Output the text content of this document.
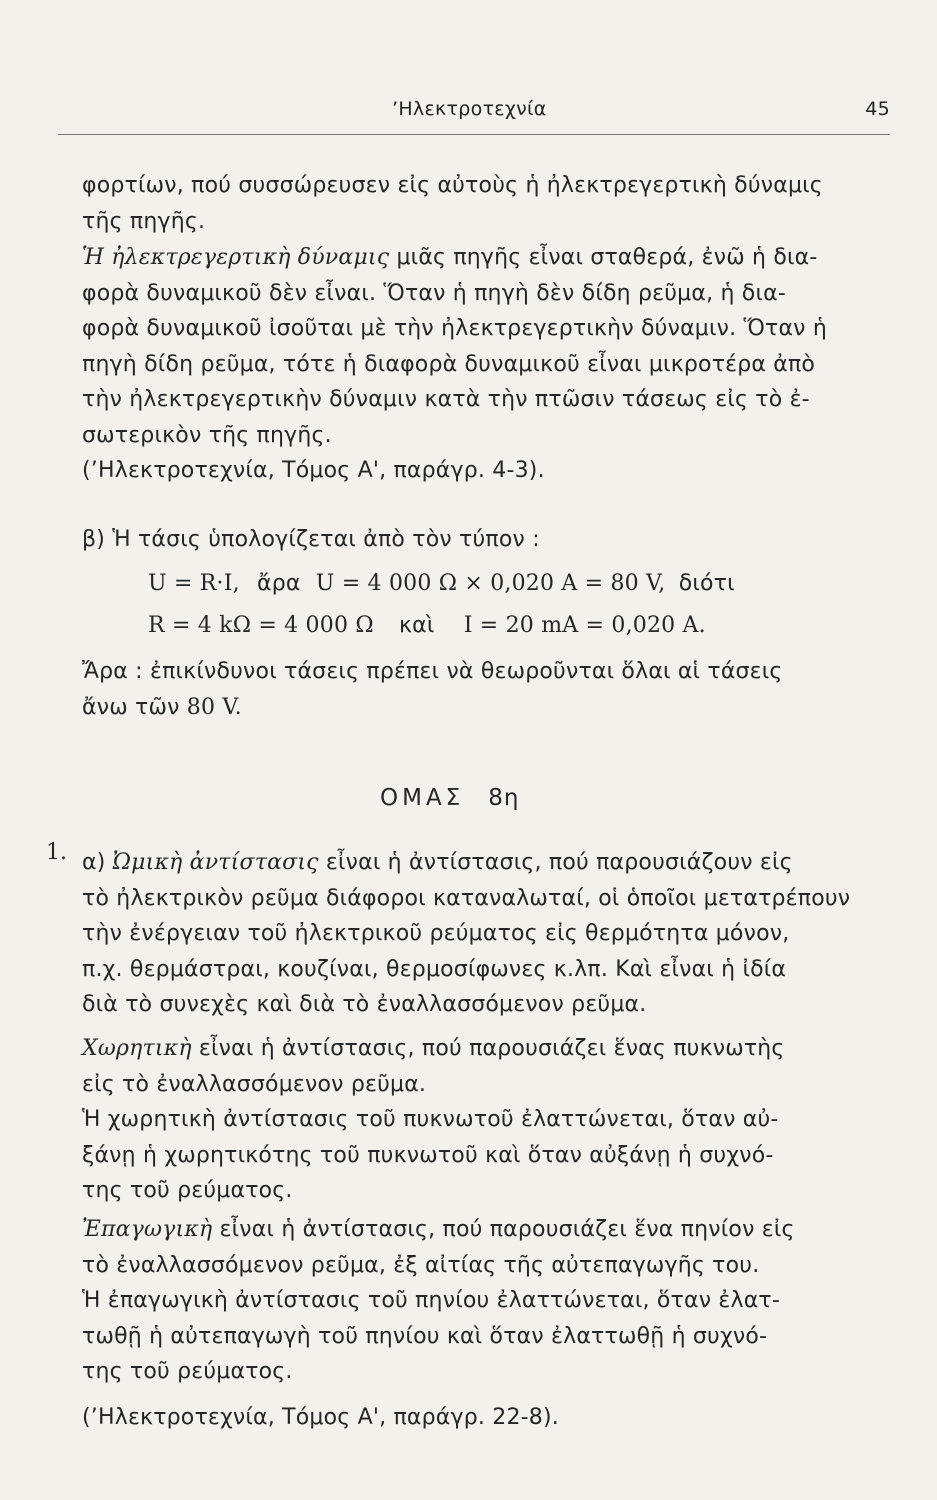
’Ηλεκτροτεχνία	45
φορτίων, πού συσσώρευσεν εἰς αὐτοὺς ἡ ἠλεκτρεγερτικὴ δύναμις
τῆς πηγῆς.
Ἡ ἠλεκτρεγερτικὴ δύναμις μιᾶς πηγῆς εἶναι σταθερά, ἐνῶ ἡ δια-
φορὰ δυναμικοῦ δὲν εἶναι. Ὅταν ἡ πηγὴ δὲν δίδη ρεῦμα, ἡ δια-
φορὰ δυναμικοῦ ἰσοῦται μὲ τὴν ἠλεκτρεγερτικὴν δύναμιν. Ὅταν ἡ
πηγὴ δίδη ρεῦμα, τότε ἡ διαφορὰ δυναμικοῦ εἶναι μικροτέρα ἀπὸ
τὴν ἠλεκτρεγερτικὴν δύναμιν κατὰ τὴν πτῶσιν τάσεως εἰς τὸ ἐ-
σωτερικὸν τῆς πηγῆς.
(’Ηλεκτροτεχνία, Τόμος Α', παράγρ. 4-3).
β) Ἡ τάσις ὑπολογίζεται ἀπὸ τὸν τύπον :
U = R·I, ἄρα U = 4 000 Ω × 0,020 A = 80 V, διότι
R = 4 kΩ = 4 000 Ω καὶ I = 20 mA = 0,020 A.
Ἄρα : ἐπικίνδυνοι τάσεις πρέπει νὰ θεωροῦνται ὅλαι αἱ τάσεις
ἄνω τῶν 80 V.
ΟΜΑΣ 8η
1. α) Ὠμικὴ ἀντίστασις εἶναι ἡ ἀντίστασις, πού παρουσιάζουν εἰς
τὸ ἠλεκτρικὸν ρεῦμα διάφοροι καταναλωταί, οἱ ὁποῖοι μετατρέπουν
τὴν ἐνέργειαν τοῦ ἠλεκτρικοῦ ρεύματος εἰς θερμότητα μόνον,
π.χ. θερμάστραι, κουζίναι, θερμοσίφωνες κ.λπ. Καὶ εἶναι ἡ ἰδία
διὰ τὸ συνεχὲς καὶ διὰ τὸ ἐναλλασσόμενον ρεῦμα.
Χωρητικὴ εἶναι ἡ ἀντίστασις, πού παρουσιάζει ἕνας πυκνωτὴς
εἰς τὸ ἐναλλασσόμενον ρεῦμα.
Ἡ χωρητικὴ ἀντίστασις τοῦ πυκνωτοῦ ἐλαττώνεται, ὅταν αὐ-
ξάνῃ ἡ χωρητικότης τοῦ πυκνωτοῦ καὶ ὅταν αὐξάνῃ ἡ συχνό-
της τοῦ ρεύματος.
Ἐπαγωγικὴ εἶναι ἡ ἀντίστασις, πού παρουσιάζει ἕνα πηνίον εἰς
τὸ ἐναλλασσόμενον ρεῦμα, ἐξ αἰτίας τῆς αὐτεπαγωγῆς του.
Ἡ ἐπαγωγικὴ ἀντίστασις τοῦ πηνίου ἐλαττώνεται, ὅταν ἐλατ-
τωθῇ ἡ αὐτεπαγωγὴ τοῦ πηνίου καὶ ὅταν ἐλαττωθῇ ἡ συχνό-
της τοῦ ρεύματος.
(’Ηλεκτροτεχνία, Τόμος Α', παράγρ. 22-8).
